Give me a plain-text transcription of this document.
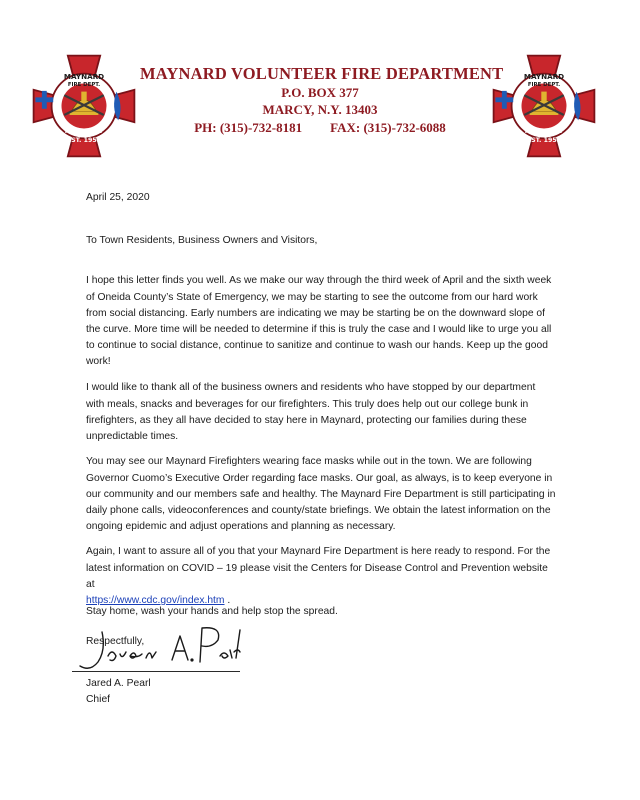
MAYNARD
FIRE DEPT.
MARCY, NY
EST. 1953
MAYNARD VOLUNTEER FIRE DEPARTMENT
P.O. BOX 377
MARCY, N.Y. 13403
PH: (315)-732-8181 FAX: (315)-732-6088
MAYNARD
FIRE DEPT.
MARCY, NY
EST. 1953
April 25, 2020
To Town Residents, Business Owners and Visitors,

I hope this letter finds you well. As we make our way through the third week of April and the sixth week of Oneida County’s State of Emergency, we may be starting to see the outcome from our hard work from social distancing. Early numbers are indicating we may be starting be on the downward slope of the curve. More time will be needed to determine if this is truly the case and I would like to urge you all to continue to social distance, continue to sanitize and continue to wash our hands. Keep up the good work!

I would like to thank all of the business owners and residents who have stopped by our department with meals, snacks and beverages for our firefighters. This truly does help out our college bunk in firefighters, as they all have decided to stay here in Maynard, protecting our families during these unpredictable times.

You may see our Maynard Firefighters wearing face masks while out in the town. We are following Governor Cuomo’s Executive Order regarding face masks. Our goal, as always, is to keep everyone in our community and our members safe and healthy. The Maynard Fire Department is still participating in daily phone calls, videoconferences and county/state briefings. We obtain the latest information on the ongoing epidemic and adjust operations and planning as necessary.

Again, I want to assure all of you that your Maynard Fire Department is here ready to respond. For the latest information on COVID – 19 please visit the Centers for Disease Control and Prevention website at
https://www.cdc.gov/index.htm .

Stay home, wash your hands and help stop the spread.
Respectfully,
Jared A. Pearl
Chief
